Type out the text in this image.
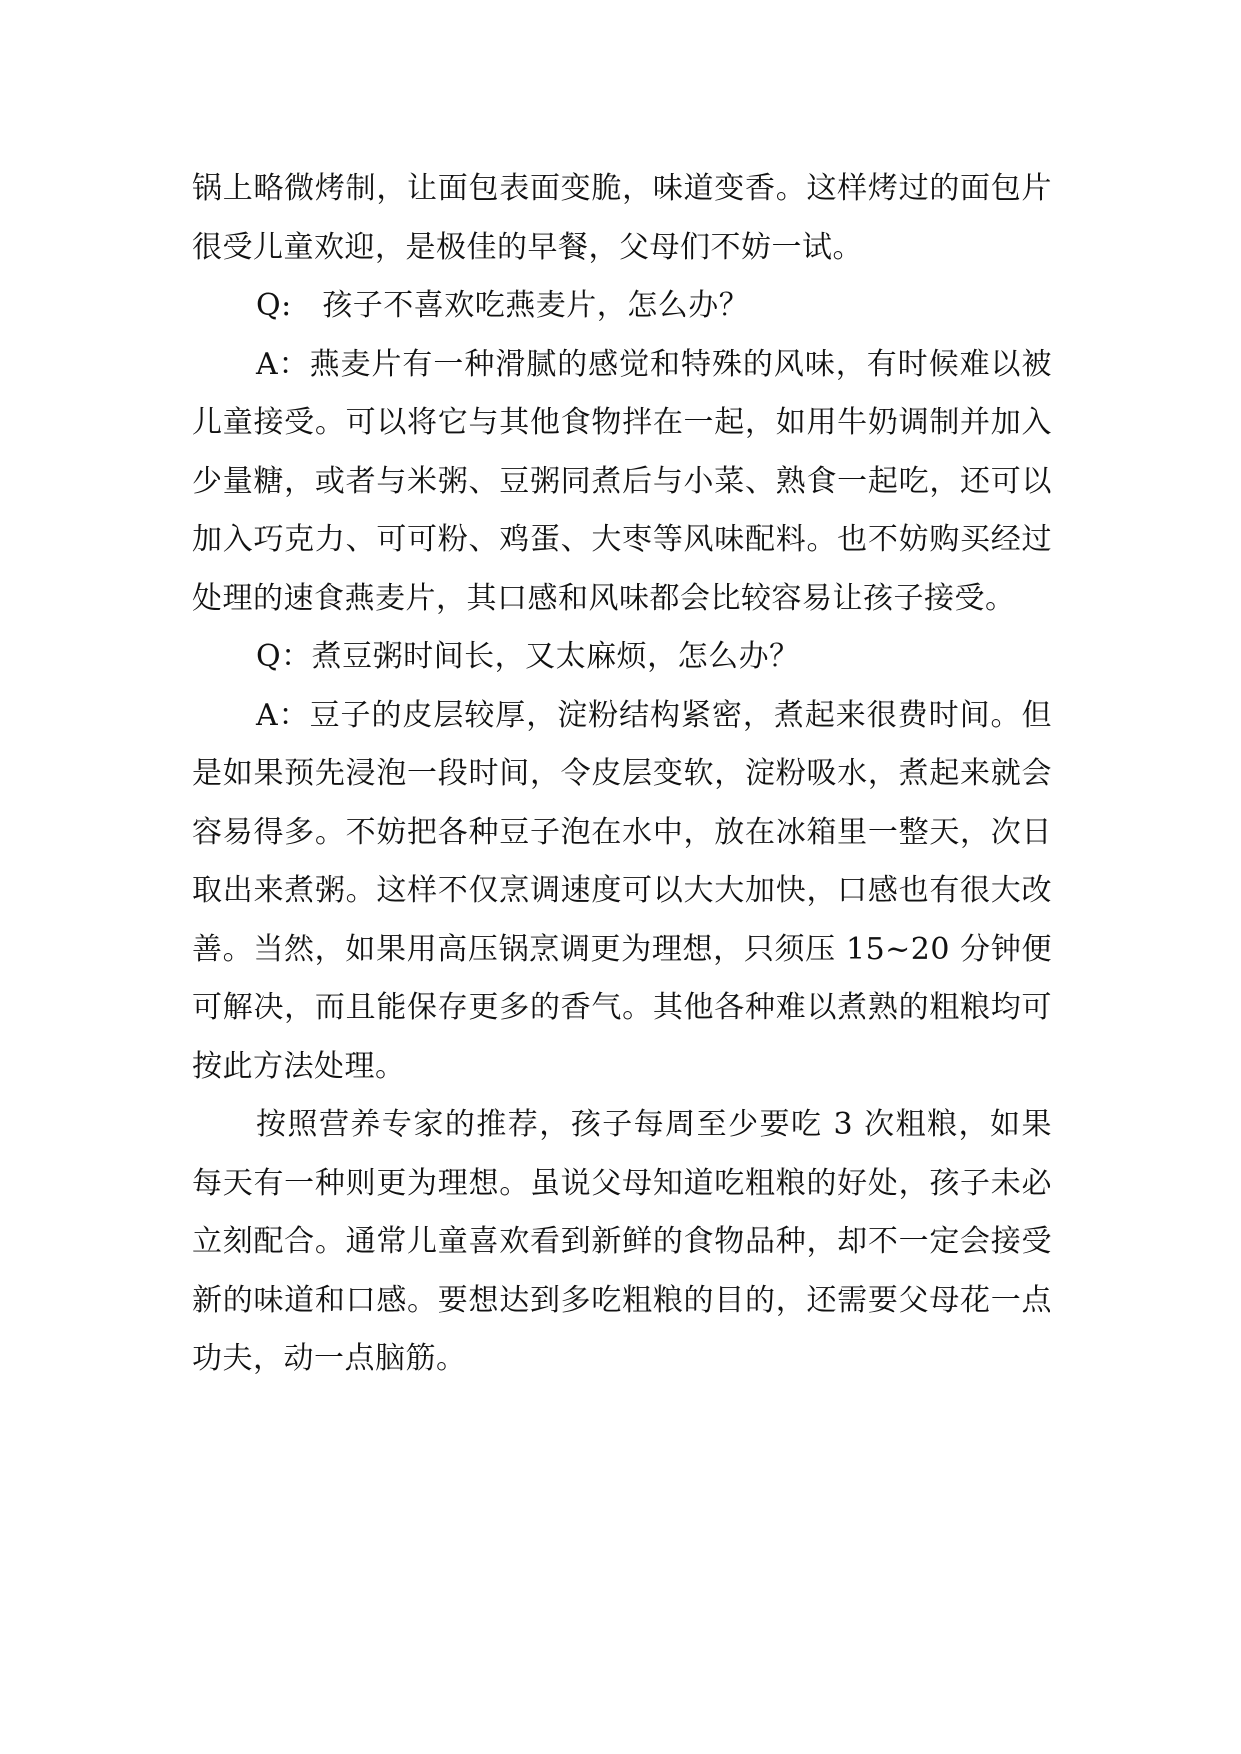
锅上略微烤制，让面包表面变脆，味道变香。这样烤过的面包片很受儿童欢迎，是极佳的早餐，父母们不妨一试。

Q:　孩子不喜欢吃燕麦片，怎么办？

A：燕麦片有一种滑腻的感觉和特殊的风味，有时候难以被儿童接受。可以将它与其他食物拌在一起，如用牛奶调制并加入少量糖，或者与米粥、豆粥同煮后与小菜、熟食一起吃，还可以加入巧克力、可可粉、鸡蛋、大枣等风味配料。也不妨购买经过处理的速食燕麦片，其口感和风味都会比较容易让孩子接受。

Q：煮豆粥时间长，又太麻烦，怎么办？

A：豆子的皮层较厚，淀粉结构紧密，煮起来很费时间。但是如果预先浸泡一段时间，令皮层变软，淀粉吸水，煮起来就会容易得多。不妨把各种豆子泡在水中，放在冰箱里一整天，次日取出来煮粥。这样不仅烹调速度可以大大加快，口感也有很大改善。当然，如果用高压锅烹调更为理想，只须压 15~20 分钟便可解决，而且能保存更多的香气。其他各种难以煮熟的粗粮均可按此方法处理。

按照营养专家的推荐，孩子每周至少要吃 3 次粗粮，如果每天有一种则更为理想。虽说父母知道吃粗粮的好处，孩子未必立刻配合。通常儿童喜欢看到新鲜的食物品种，却不一定会接受新的味道和口感。要想达到多吃粗粮的目的，还需要父母花一点功夫，动一点脑筋。
